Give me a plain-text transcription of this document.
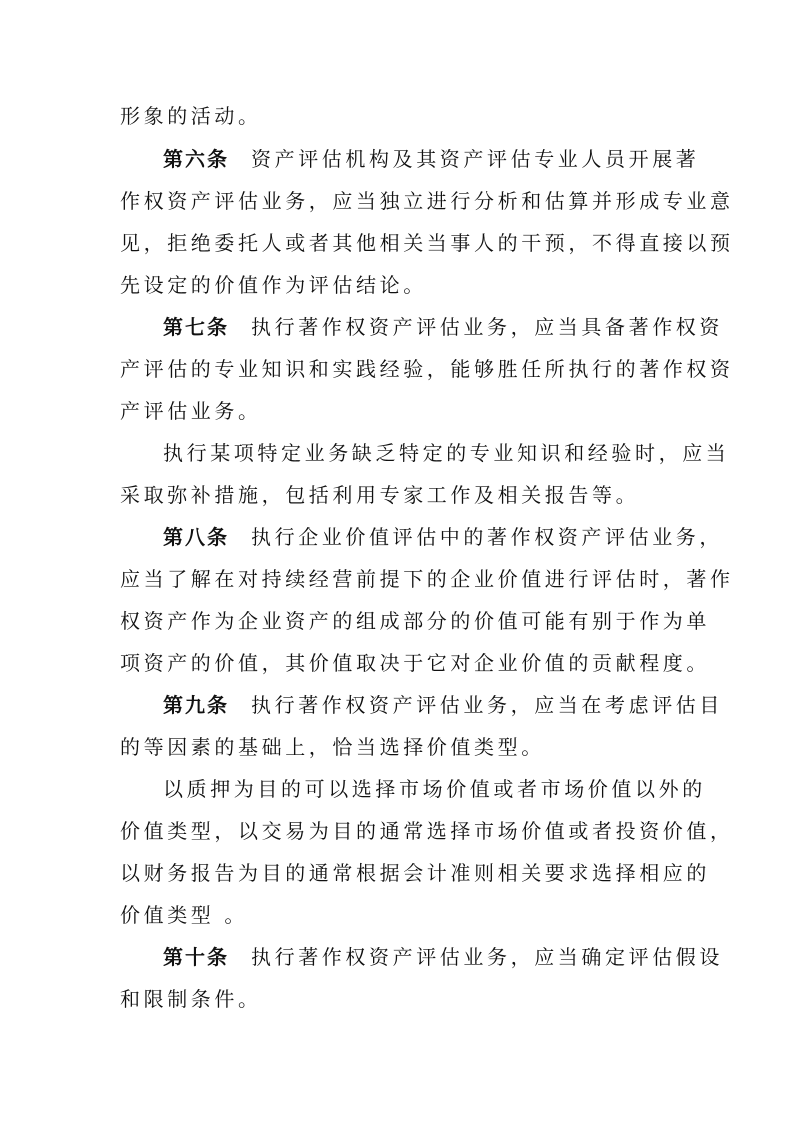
形象的活动。
第六条 资产评估机构及其资产评估专业人员开展著
作权资产评估业务，应当独立进行分析和估算并形成专业意
见，拒绝委托人或者其他相关当事人的干预，不得直接以预
先设定的价值作为评估结论。
第七条 执行著作权资产评估业务，应当具备著作权资
产评估的专业知识和实践经验，能够胜任所执行的著作权资
产评估业务。
执行某项特定业务缺乏特定的专业知识和经验时，应当
采取弥补措施，包括利用专家工作及相关报告等。
第八条 执行企业价值评估中的著作权资产评估业务，
应当了解在对持续经营前提下的企业价值进行评估时，著作
权资产作为企业资产的组成部分的价值可能有别于作为单
项资产的价值，其价值取决于它对企业价值的贡献程度。
第九条 执行著作权资产评估业务，应当在考虑评估目
的等因素的基础上，恰当选择价值类型。
以质押为目的可以选择市场价值或者市场价值以外的
价值类型，以交易为目的通常选择市场价值或者投资价值，
以财务报告为目的通常根据会计准则相关要求选择相应的
价值类型 。
第十条 执行著作权资产评估业务，应当确定评估假设
和限制条件。
